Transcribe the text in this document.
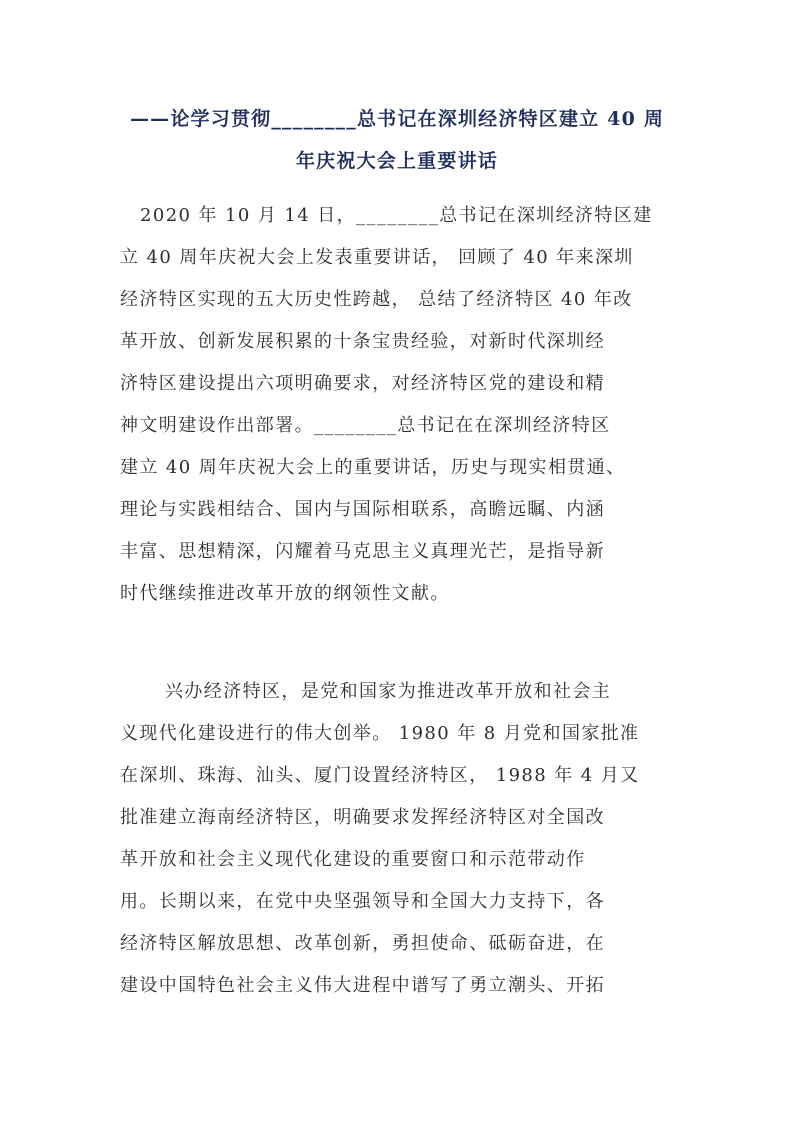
——论学习贯彻________总书记在深圳经济特区建立 40 周
年庆祝大会上重要讲话
2020 年 10 月 14 日，________总书记在深圳经济特区建
立 40 周年庆祝大会上发表重要讲话， 回顾了 40 年来深圳
经济特区实现的五大历史性跨越， 总结了经济特区 40 年改
革开放、创新发展积累的十条宝贵经验，对新时代深圳经
济特区建设提出六项明确要求，对经济特区党的建设和精
神文明建设作出部署。________总书记在在深圳经济特区
建立 40 周年庆祝大会上的重要讲话，历史与现实相贯通、
理论与实践相结合、国内与国际相联系，高瞻远瞩、内涵
丰富、思想精深，闪耀着马克思主义真理光芒，是指导新
时代继续推进改革开放的纲领性文献。
兴办经济特区，是党和国家为推进改革开放和社会主
义现代化建设进行的伟大创举。 1980 年 8 月党和国家批准
在深圳、珠海、汕头、厦门设置经济特区， 1988 年 4 月又
批准建立海南经济特区，明确要求发挥经济特区对全国改
革开放和社会主义现代化建设的重要窗口和示范带动作
用。长期以来，在党中央坚强领导和全国大力支持下，各
经济特区解放思想、改革创新，勇担使命、砥砺奋进，在
建设中国特色社会主义伟大进程中谱写了勇立潮头、开拓
